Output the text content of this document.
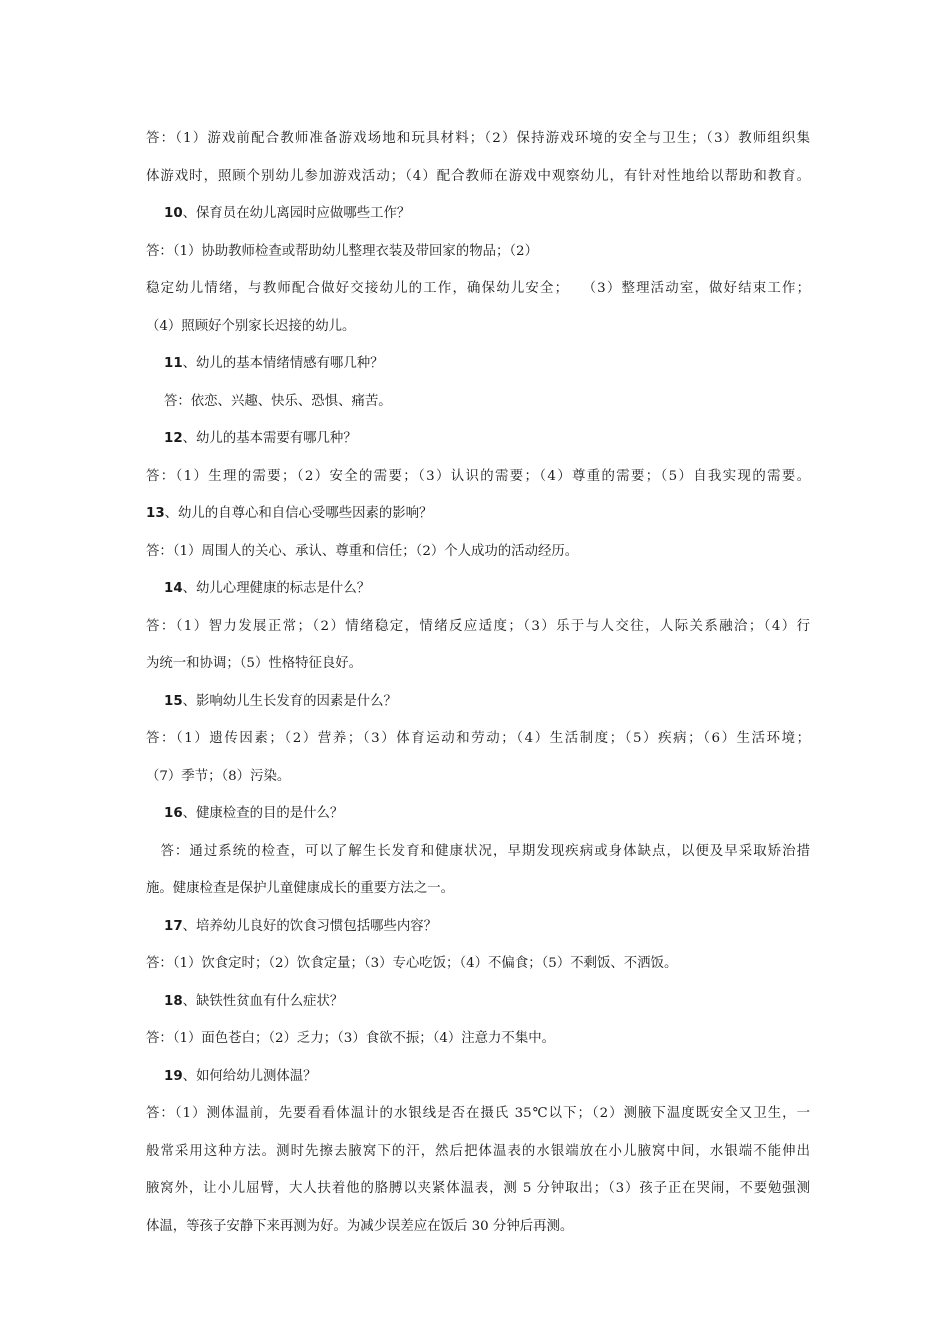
答：（1）游戏前配合教师准备游戏场地和玩具材料；（2）保持游戏环境的安全与卫生；（3）教师组织集
体游戏时，照顾个别幼儿参加游戏活动；（4）配合教师在游戏中观察幼儿，有针对性地给以帮助和教育。
10、保育员在幼儿离园时应做哪些工作？
答：（1）协助教师检查或帮助幼儿整理衣装及带回家的物品；（2）
稳定幼儿情绪，与教师配合做好交接幼儿的工作，确保幼儿安全；　 （3）整理活动室，做好结束工作；
（4）照顾好个别家长迟接的幼儿。
11、幼儿的基本情绪情感有哪几种？
答：依恋、兴趣、快乐、恐惧、痛苦。
12、幼儿的基本需要有哪几种？
答：（1）生理的需要；（2）安全的需要；（3）认识的需要；（4）尊重的需要；（5）自我实现的需要。
13、幼儿的自尊心和自信心受哪些因素的影响？
答：（1）周围人的关心、承认、尊重和信任；（2）个人成功的活动经历。
14、幼儿心理健康的标志是什么？
答：（1）智力发展正常；（2）情绪稳定，情绪反应适度；（3）乐于与人交往，人际关系融洽；（4）行
为统一和协调；（5）性格特征良好。
15、影响幼儿生长发育的因素是什么？
答：（1）遗传因素；（2）营养；（3）体育运动和劳动；（4）生活制度；（5）疾病；（6）生活环境；
（7）季节；（8）污染。
16、健康检查的目的是什么？
　答：通过系统的检查，可以了解生长发育和健康状况，早期发现疾病或身体缺点，以便及早采取矫治措
施。健康检查是保护儿童健康成长的重要方法之一。
17、培养幼儿良好的饮食习惯包括哪些内容？
答：（1）饮食定时；（2）饮食定量；（3）专心吃饭；（4）不偏食；（5）不剩饭、不洒饭。
18、缺铁性贫血有什么症状？
答：（1）面色苍白；（2）乏力；（3）食欲不振；（4）注意力不集中。
19、如何给幼儿测体温？
答：（1）测体温前，先要看看体温计的水银线是否在摄氏 35℃以下；（2）测腋下温度既安全又卫生，一
般常采用这种方法。测时先擦去腋窝下的汗，然后把体温表的水银端放在小儿腋窝中间，水银端不能伸出
腋窝外，让小儿屈臂，大人扶着他的胳膊以夹紧体温表，测 5 分钟取出；（3）孩子正在哭闹，不要勉强测
体温，等孩子安静下来再测为好。为减少误差应在饭后 30 分钟后再测。
